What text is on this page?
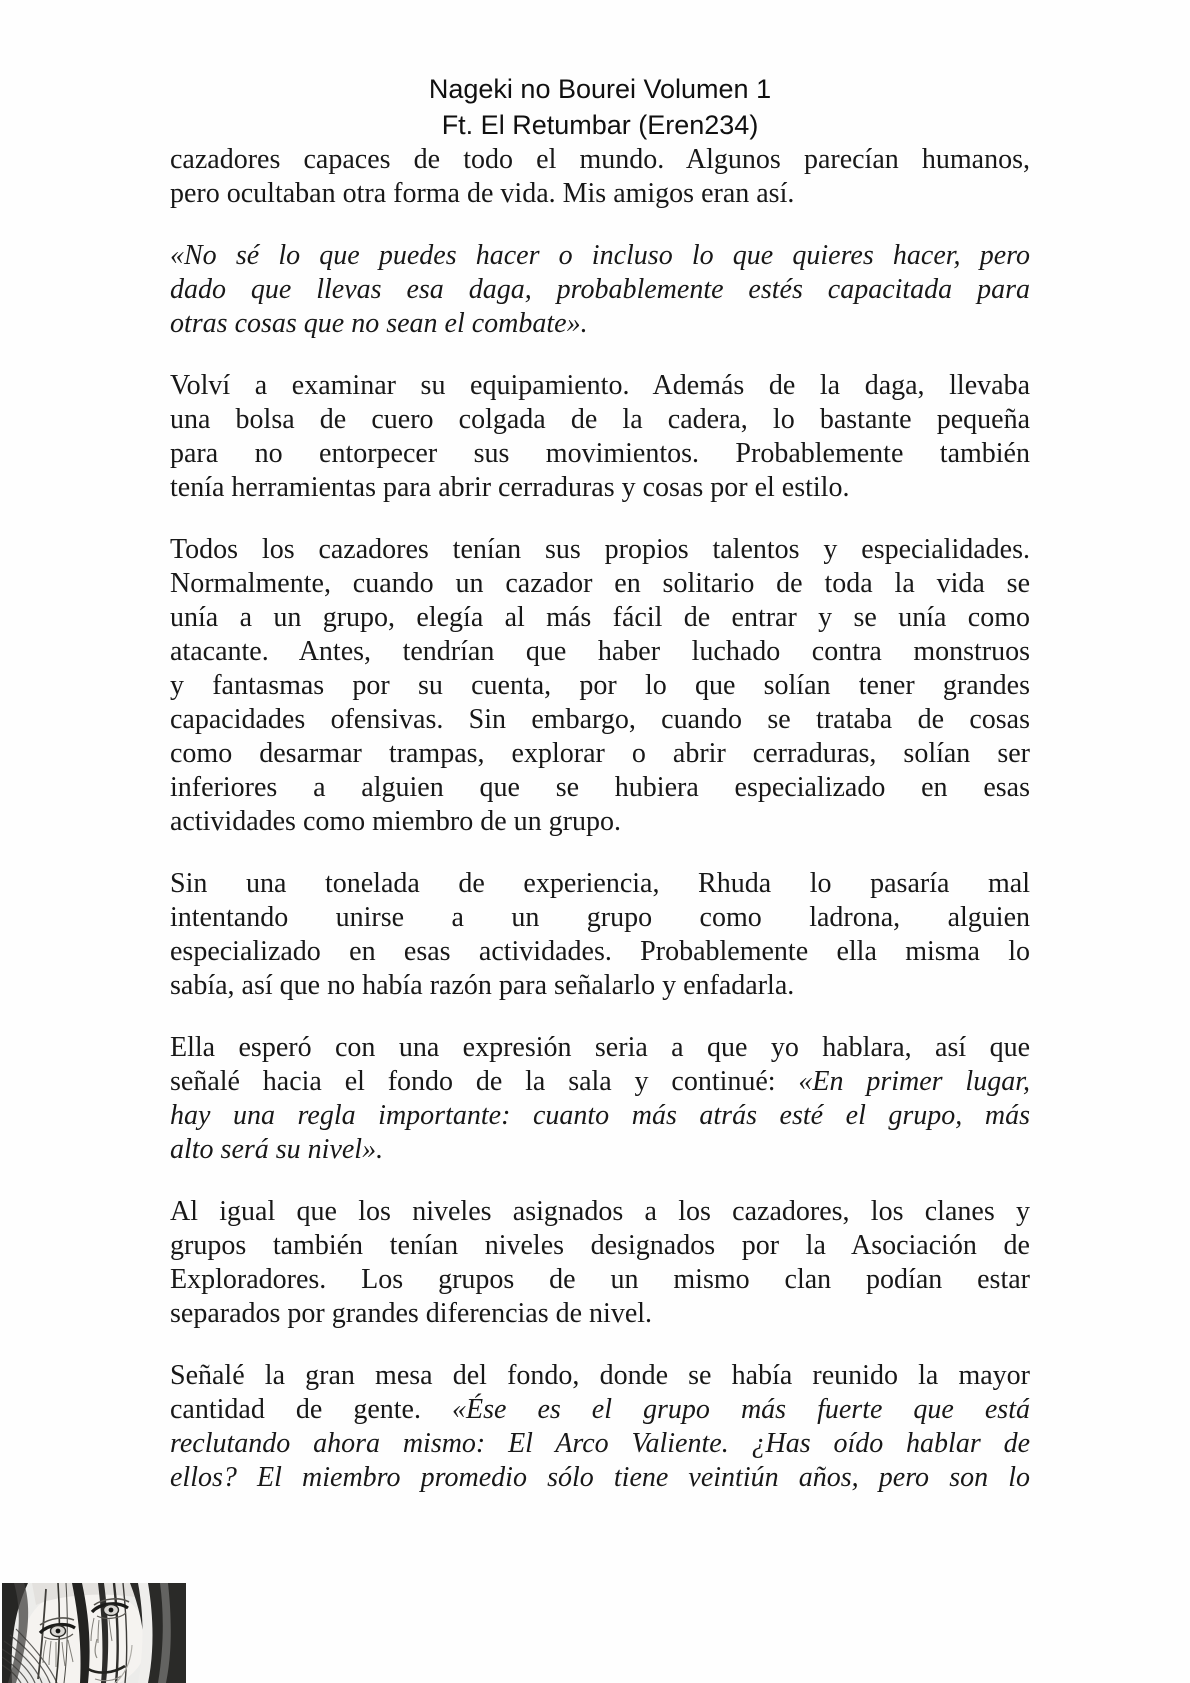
Nageki no Bourei Volumen 1
Ft. El Retumbar (Eren234)
cazadores capaces de todo el mundo. Algunos parecían humanos,
pero ocultaban otra forma de vida. Mis amigos eran así.
«No sé lo que puedes hacer o incluso lo que quieres hacer, pero
dado que llevas esa daga, probablemente estés capacitada para
otras cosas que no sean el combate».
Volví a examinar su equipamiento. Además de la daga, llevaba
una bolsa de cuero colgada de la cadera, lo bastante pequeña
para no entorpecer sus movimientos. Probablemente también
tenía herramientas para abrir cerraduras y cosas por el estilo.
Todos los cazadores tenían sus propios talentos y especialidades.
Normalmente, cuando un cazador en solitario de toda la vida se
unía a un grupo, elegía al más fácil de entrar y se unía como
atacante. Antes, tendrían que haber luchado contra monstruos
y fantasmas por su cuenta, por lo que solían tener grandes
capacidades ofensivas. Sin embargo, cuando se trataba de cosas
como desarmar trampas, explorar o abrir cerraduras, solían ser
inferiores a alguien que se hubiera especializado en esas
actividades como miembro de un grupo.
Sin una tonelada de experiencia, Rhuda lo pasaría mal
intentando unirse a un grupo como ladrona, alguien
especializado en esas actividades. Probablemente ella misma lo
sabía, así que no había razón para señalarlo y enfadarla.
Ella esperó con una expresión seria a que yo hablara, así que
señalé hacia el fondo de la sala y continué: «En primer lugar,
hay una regla importante: cuanto más atrás esté el grupo, más
alto será su nivel».
Al igual que los niveles asignados a los cazadores, los clanes y
grupos también tenían niveles designados por la Asociación de
Exploradores. Los grupos de un mismo clan podían estar
separados por grandes diferencias de nivel.
Señalé la gran mesa del fondo, donde se había reunido la mayor
cantidad de gente. «Ése es el grupo más fuerte que está
reclutando ahora mismo: El Arco Valiente. ¿Has oído hablar de
ellos? El miembro promedio sólo tiene veintiún años, pero son lo
